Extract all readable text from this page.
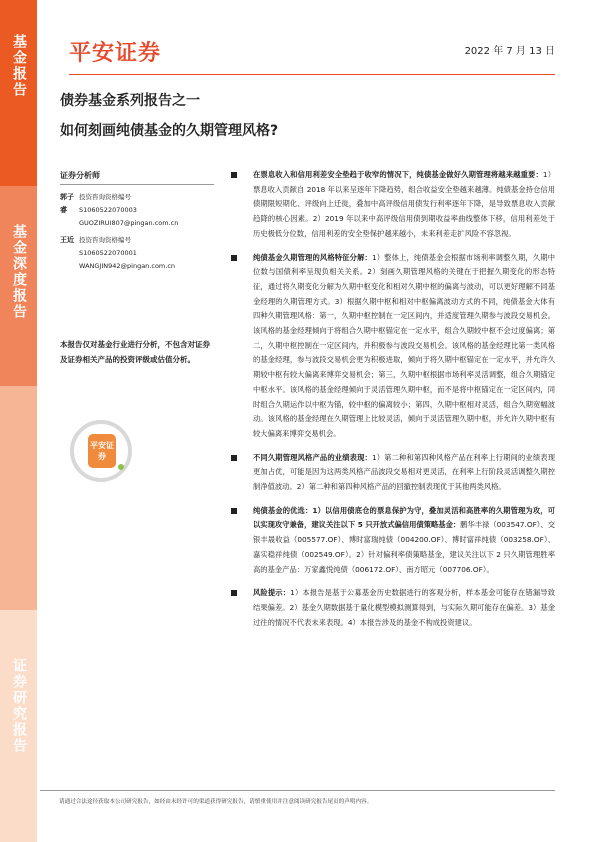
基金报告
基金深度报告
证券研究报告
平安证券	2022 年 7 月 13 日
债券基金系列报告之一
如何刻画纯债基金的久期管理风格?
证券分析师
郭子睿
投资咨询资格编号
S1060522070003
GUOZIRUI807@pingan.com.cn
王近 投资咨询资格编号
S1060522070001
WANGJIN942@pingan.com.cn
本报告仅对基金行业进行分析，不包含对证券及证券相关产品的投资评级或估值分析。
平安证券
在票息收入和信用利差安全垫趋于收窄的情况下，纯债基金做好久期管理将越来越重要：1）票息收入贡献自 2018 年以来呈逐年下降趋势，组合收益安全垫越来越薄。纯债基金持仓信用债期限短期化、评级向上迁徙，叠加中高评级信用债发行利率逐年下降，是导致票息收入贡献趋降的核心因素。2）2019 年以来中高评级信用债到期收益率曲线整体下移，信用利差处于历史极低分位数，信用利差的安全垫保护越来越小，未来利差走扩风险不容忽视。
纯债基金久期管理的风格特征分解：1）整体上，纯债基金会根据市场利率调整久期，久期中位数与国债利率呈现负相关关系。2）刻画久期管理风格的关键在于把握久期变化的形态特征，通过将久期变化分解为久期中枢变化和相对久期中枢的偏离与波动，可以更好理解不同基金经理的久期管理方式。3）根据久期中枢和相对中枢偏离波动方式的不同，纯债基金大体有四种久期管理风格：第一，久期中枢控制在一定区间内，并适度管理久期参与波段交易机会。该风格的基金经理倾向于将组合久期中枢锚定在一定水平，组合久期较中枢不会过度偏离；第二，久期中枢控制在一定区间内，并积极参与波段交易机会。该风格的基金经理比第一类风格的基金经理，参与波段交易机会更为积极进取，倾向于将久期中枢锚定在一定水平，并允许久期较中枢有较大偏离来博弈交易机会；第三，久期中枢根据市场利率灵活调整，组合久期锚定中枢水平。该风格的基金经理倾向于灵活管理久期中枢，而不是将中枢锚定在一定区间内，同时组合久期运作以中枢为锚，较中枢的偏离较小；第四，久期中枢相对灵活，组合久期宽幅波动。该风格的基金经理在久期管理上比较灵活，倾向于灵活管理久期中枢，并允许久期中枢有较大偏离来博弈交易机会。
不同久期管理风格产品的业绩表现：1）第二种和第四种风格产品在利率上行期间的业绩表现更加占优，可能是因为这两类风格产品波段交易相对更灵活，在利率上行阶段灵活调整久期控制净值波动。2）第二种和第四种风格产品的回撤控制表现优于其他两类风格。
纯债基金的优选：1）以信用债底仓的票息保护为守，叠加灵活和高胜率的久期管理为攻，可以实现攻守兼备，建议关注以下 5 只开放式偏信用债策略基金：鹏华丰禄（003547.OF）、交银丰晟收益（005577.OF）、博时富瑞纯债（004200.OF）、博时富祥纯债（003258.OF）、嘉实稳祥纯债（002549.OF）。2）针对偏利率债策略基金，建议关注以下 2 只久期管理胜率高的基金产品：万家鑫悦纯债（006172.OF）、南方昭元（007706.OF）。
风险提示：1）本报告是基于公募基金历史数据进行的客观分析，样本基金可能存在错漏导致结果偏差。2）基金久期数据基于量化模型模拟测算得到，与实际久期可能存在偏差。3）基金过往的情况不代表未来表现。4）本报告涉及的基金不构成投资建议。
请通过合法途径获取本公司研究报告，如经由未经许可的渠道获得研究报告，请慎重使用并注意阅读研究报告尾页的声明内容。
